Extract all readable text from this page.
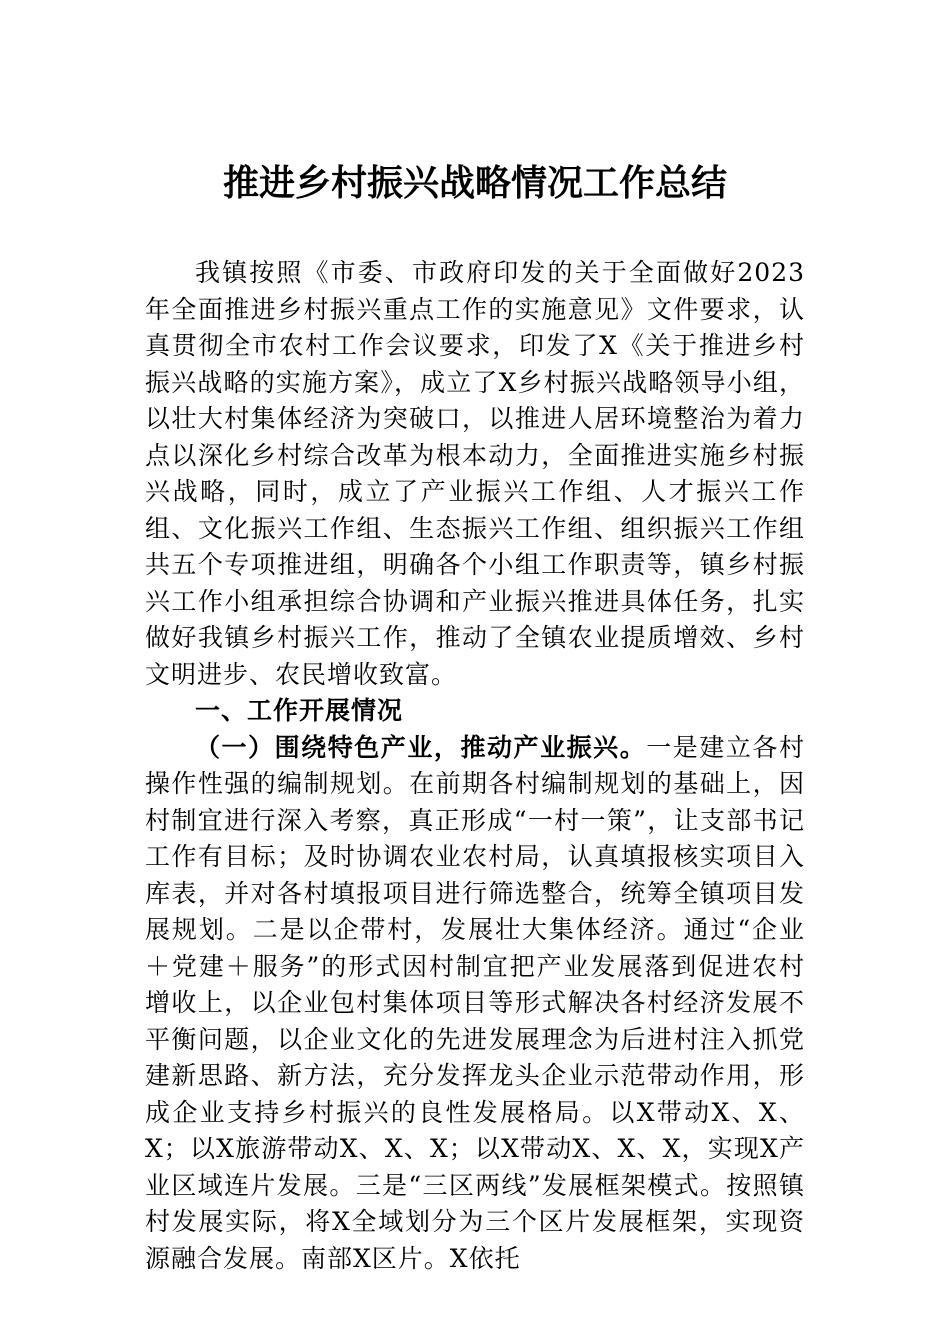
推进乡村振兴战略情况工作总结

我镇按照《市委、市政府印发的关于全面做好2023年全面推进乡村振兴重点工作的实施意见》文件要求，认真贯彻全市农村工作会议要求，印发了X《关于推进乡村振兴战略的实施方案》，成立了X乡村振兴战略领导小组，以壮大村集体经济为突破口，以推进人居环境整治为着力点以深化乡村综合改革为根本动力，全面推进实施乡村振兴战略，同时，成立了产业振兴工作组、人才振兴工作组、文化振兴工作组、生态振兴工作组、组织振兴工作组共五个专项推进组，明确各个小组工作职责等，镇乡村振兴工作小组承担综合协调和产业振兴推进具体任务，扎实做好我镇乡村振兴工作，推动了全镇农业提质增效、乡村文明进步、农民增收致富。

一、工作开展情况

（一）围绕特色产业，推动产业振兴。一是建立各村操作性强的编制规划。在前期各村编制规划的基础上，因村制宜进行深入考察，真正形成“一村一策”，让支部书记工作有目标；及时协调农业农村局，认真填报核实项目入库表，并对各村填报项目进行筛选整合，统筹全镇项目发展规划。二是以企带村，发展壮大集体经济。通过“企业＋党建＋服务”的形式因村制宜把产业发展落到促进农村增收上，以企业包村集体项目等形式解决各村经济发展不平衡问题，以企业文化的先进发展理念为后进村注入抓党建新思路、新方法，充分发挥龙头企业示范带动作用，形成企业支持乡村振兴的良性发展格局。以X带动X、X、X；以X旅游带动X、X、X；以X带动X、X、X，实现X产业区域连片发展。三是“三区两线”发展框架模式。按照镇村发展实际，将X全域划分为三个区片发展框架，实现资源融合发展。南部X区片。X依托
